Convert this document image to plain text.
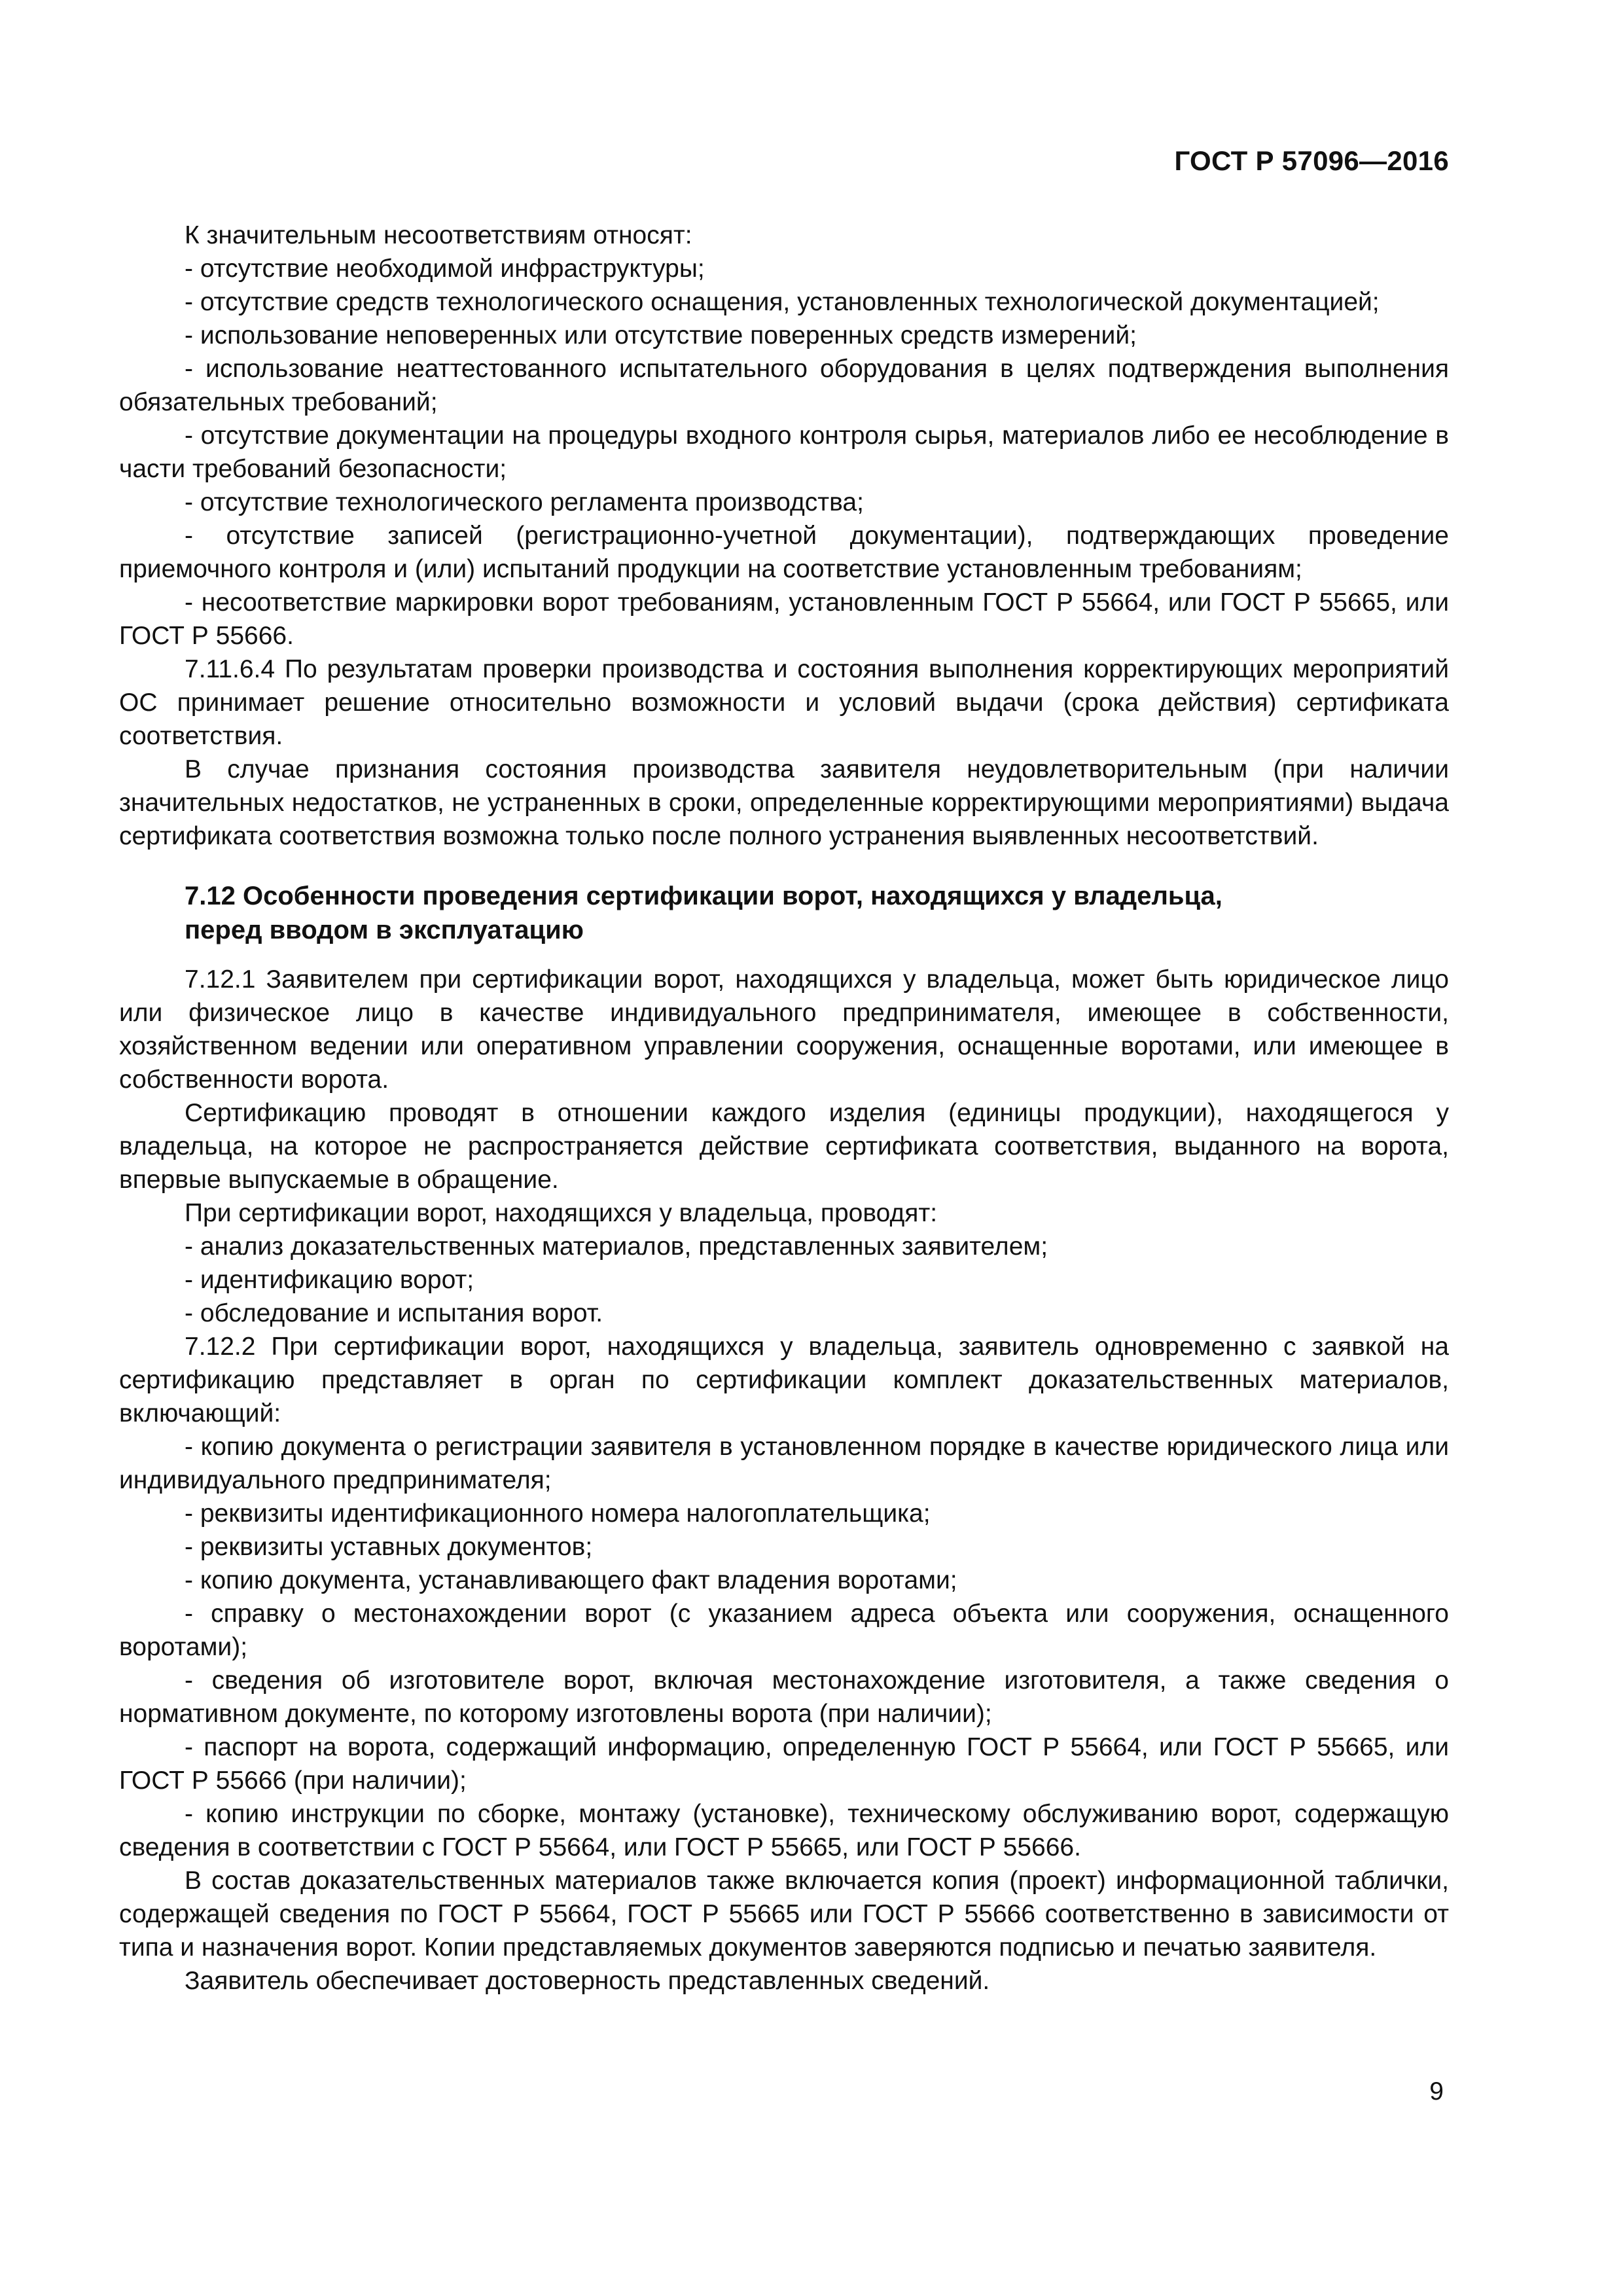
ГОСТ Р 57096—2016

К значительным несоответствиям относят:

- отсутствие необходимой инфраструктуры;

- отсутствие средств технологического оснащения, установленных технологической документацией;

- использование неповеренных или отсутствие поверенных средств измерений;

- использование неаттестованного испытательного оборудования в целях подтверждения выполнения обязательных требований;

- отсутствие документации на процедуры входного контроля сырья, материалов либо ее несоблюдение в части требований безопасности;

- отсутствие технологического регламента производства;

- отсутствие записей (регистрационно-учетной документации), подтверждающих проведение приемочного контроля и (или) испытаний продукции на соответствие установленным требованиям;

- несоответствие маркировки ворот требованиям, установленным ГОСТ Р 55664, или ГОСТ Р 55665, или ГОСТ Р 55666.

7.11.6.4 По результатам проверки производства и состояния выполнения корректирующих мероприятий ОС принимает решение относительно возможности и условий выдачи (срока действия) сертификата соответствия.

В случае признания состояния производства заявителя неудовлетворительным (при наличии значительных недостатков, не устраненных в сроки, определенные корректирующими мероприятиями) выдача сертификата соответствия возможна только после полного устранения выявленных несоответствий.

7.12 Особенности проведения сертификации ворот, находящихся у владельца,
перед вводом в эксплуатацию

7.12.1 Заявителем при сертификации ворот, находящихся у владельца, может быть юридическое лицо или физическое лицо в качестве индивидуального предпринимателя, имеющее в собственности, хозяйственном ведении или оперативном управлении сооружения, оснащенные воротами, или имеющее в собственности ворота.

Сертификацию проводят в отношении каждого изделия (единицы продукции), находящегося у владельца, на которое не распространяется действие сертификата соответствия, выданного на ворота, впервые выпускаемые в обращение.

При сертификации ворот, находящихся у владельца, проводят:

- анализ доказательственных материалов, представленных заявителем;

- идентификацию ворот;

- обследование и испытания ворот.

7.12.2 При сертификации ворот, находящихся у владельца, заявитель одновременно с заявкой на сертификацию представляет в орган по сертификации комплект доказательственных материалов, включающий:

- копию документа о регистрации заявителя в установленном порядке в качестве юридического лица или индивидуального предпринимателя;

- реквизиты идентификационного номера налогоплательщика;

- реквизиты уставных документов;

- копию документа, устанавливающего факт владения воротами;

- справку о местонахождении ворот (с указанием адреса объекта или сооружения, оснащенного воротами);

- сведения об изготовителе ворот, включая местонахождение изготовителя, а также сведения о нормативном документе, по которому изготовлены ворота (при наличии);

- паспорт на ворота, содержащий информацию, определенную ГОСТ Р 55664, или ГОСТ Р 55665, или ГОСТ Р 55666 (при наличии);

- копию инструкции по сборке, монтажу (установке), техническому обслуживанию ворот, содержащую сведения в соответствии с ГОСТ Р 55664, или ГОСТ Р 55665, или ГОСТ Р 55666.

В состав доказательственных материалов также включается копия (проект) информационной таблички, содержащей сведения по ГОСТ Р 55664, ГОСТ Р 55665 или ГОСТ Р 55666 соответственно в зависимости от типа и назначения ворот. Копии представляемых документов заверяются подписью и печатью заявителя.

Заявитель обеспечивает достоверность представленных сведений.

9
